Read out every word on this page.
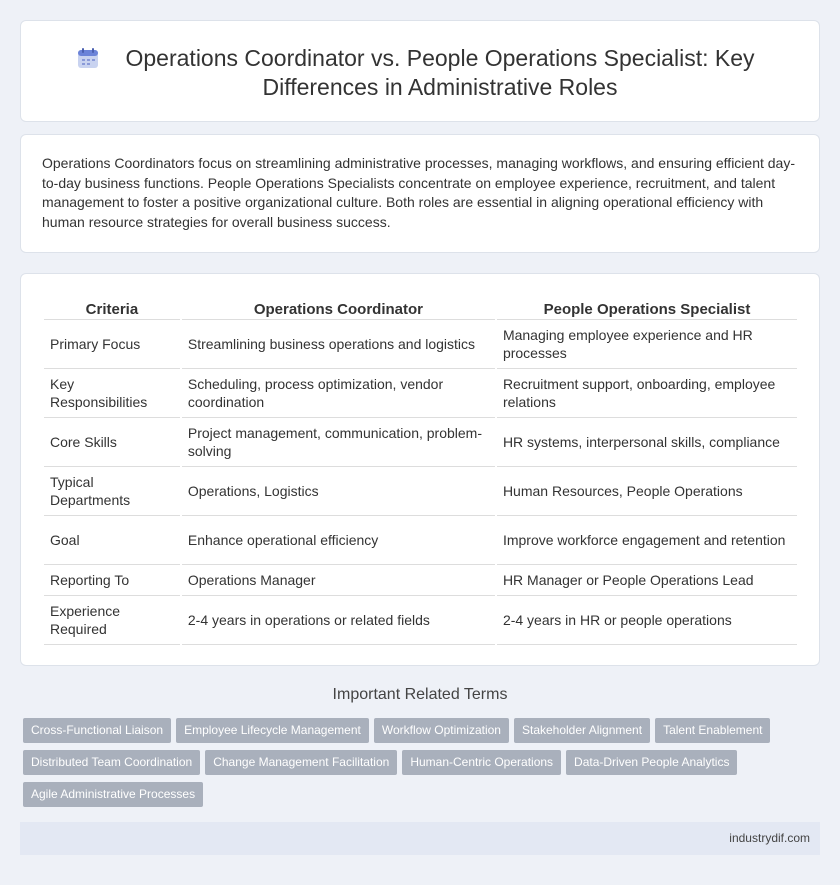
Operations Coordinator vs. People Operations Specialist: Key Differences in Administrative Roles

Operations Coordinators focus on streamlining administrative processes, managing workflows, and ensuring efficient day-to-day business functions. People Operations Specialists concentrate on employee experience, recruitment, and talent management to foster a positive organizational culture. Both roles are essential in aligning operational efficiency with human resource strategies for overall business success.

Criteria	Operations Coordinator	People Operations Specialist
Primary Focus	Streamlining business operations and logistics	Managing employee experience and HR processes
Key Responsibilities	Scheduling, process optimization, vendor coordination	Recruitment support, onboarding, employee relations
Core Skills	Project management, communication, problem-solving	HR systems, interpersonal skills, compliance
Typical Departments	Operations, Logistics	Human Resources, People Operations
Goal	Enhance operational efficiency	Improve workforce engagement and retention
Reporting To	Operations Manager	HR Manager or People Operations Lead
Experience Required	2-4 years in operations or related fields	2-4 years in HR or people operations
Important Related Terms
Cross-Functional Liaison Employee Lifecycle Management Workflow Optimization Stakeholder Alignment Talent EnablementDistributed Team Coordination Change Management Facilitation Human-Centric Operations Data-Driven People AnalyticsAgile Administrative Processes
industrydif.com
